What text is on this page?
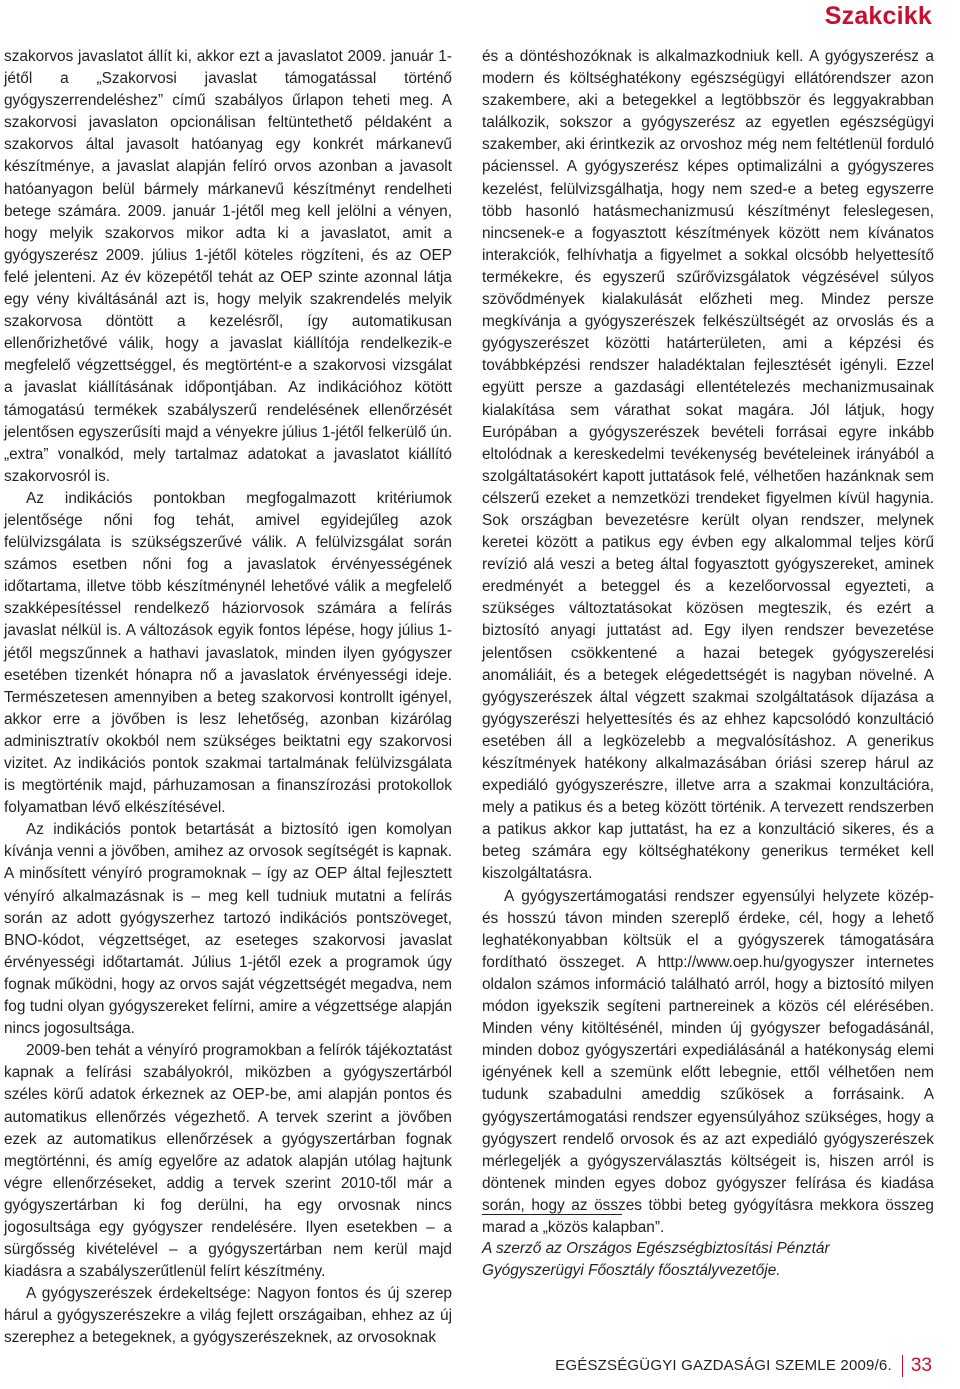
Szakcikk

szakorvos javaslatot állít ki, akkor ezt a javaslatot 2009. január 1-jétől a „Szakorvosi javaslat támogatással történő gyógyszerrendeléshez” című szabályos űrlapon teheti meg. A szakorvosi javaslaton opcionálisan feltüntethető példaként a szakorvos által javasolt hatóanyag egy konkrét márkanevű készítménye, a javaslat alapján felíró orvos azonban a javasolt hatóanyagon belül bármely márkanevű készítményt rendelheti betege számára. 2009. január 1-jétől meg kell jelölni a vényen, hogy melyik szakorvos mikor adta ki a javaslatot, amit a gyógyszerész 2009. július 1-jétől köteles rögzíteni, és az OEP felé jelenteni. Az év közepétől tehát az OEP szinte azonnal látja egy vény kiváltásánál azt is, hogy melyik szakrendelés melyik szakorvosa döntött a kezelésről, így automatikusan ellenőrizhetővé válik, hogy a javaslat kiállítója rendelkezik-e megfelelő végzettséggel, és megtörtént-e a szakorvosi vizsgálat a javaslat kiállításának időpontjában. Az indikációhoz kötött támogatású termékek szabályszerű rendelésének ellenőrzését jelentősen egyszerűsíti majd a vényekre július 1-jétől felkerülő ún. „extra” vonalkód, mely tartalmaz adatokat a javaslatot kiállító szakorvosról is.

Az indikációs pontokban megfogalmazott kritériumok jelentősége nőni fog tehát, amivel egyidejűleg azok felülvizsgálata is szükségszerűvé válik. A felülvizsgálat során számos esetben nőni fog a javaslatok érvényességének időtartama, illetve több készítménynél lehetővé válik a megfelelő szakképesítéssel rendelkező háziorvosok számára a felírás javaslat nélkül is. A változások egyik fontos lépése, hogy július 1-jétől megszűnnek a hathavi javaslatok, minden ilyen gyógyszer esetében tizenkét hónapra nő a javaslatok érvényességi ideje. Természetesen amennyiben a beteg szakorvosi kontrollt igényel, akkor erre a jövőben is lesz lehetőség, azonban kizárólag adminisztratív okokból nem szükséges beiktatni egy szakorvosi vizitet. Az indikációs pontok szakmai tartalmának felülvizsgálata is megtörténik majd, párhuzamosan a finanszírozási protokollok folyamatban lévő elkészítésével.

Az indikációs pontok betartását a biztosító igen komolyan kívánja venni a jövőben, amihez az orvosok segítségét is kapnak. A minősített vényíró programoknak – így az OEP által fejlesztett vényíró alkalmazásnak is – meg kell tudniuk mutatni a felírás során az adott gyógyszerhez tartozó indikációs pontszöveget, BNO-kódot, végzettséget, az eseteges szakorvosi javaslat érvényességi időtartamát. Július 1-jétől ezek a programok úgy fognak működni, hogy az orvos saját végzettségét megadva, nem fog tudni olyan gyógyszereket felírni, amire a végzettsége alapján nincs jogosultsága.

2009-ben tehát a vényíró programokban a felírók tájékoztatást kapnak a felírási szabályokról, miközben a gyógyszertárból széles körű adatok érkeznek az OEP-be, ami alapján pontos és automatikus ellenőrzés végezhető. A tervek szerint a jövőben ezek az automatikus ellenőrzések a gyógyszertárban fognak megtörténni, és amíg egyelőre az adatok alapján utólag hajtunk végre ellenőrzéseket, addig a tervek szerint 2010-től már a gyógyszertárban ki fog derülni, ha egy orvosnak nincs jogosultsága egy gyógyszer rendelésére. Ilyen esetekben – a sürgősség kivételével – a gyógyszertárban nem kerül majd kiadásra a szabályszerűtlenül felírt készítmény.

A gyógyszerészek érdekeltsége: Nagyon fontos és új szerep hárul a gyógyszerészekre a világ fejlett országaiban, ehhez az új szerephez a betegeknek, a gyógyszerészeknek, az orvosoknak

és a döntéshozóknak is alkalmazkodniuk kell. A gyógyszerész a modern és költséghatékony egészségügyi ellátórendszer azon szakembere, aki a betegekkel a legtöbbször és leggyakrabban találkozik, sokszor a gyógyszerész az egyetlen egészségügyi szakember, aki érintkezik az orvoshoz még nem feltétlenül forduló pácienssel. A gyógyszerész képes optimalizálni a gyógyszeres kezelést, felülvizsgálhatja, hogy nem szed-e a beteg egyszerre több hasonló hatásmechanizmusú készítményt feleslegesen, nincsenek-e a fogyasztott készítmények között nem kívánatos interakciók, felhívhatja a figyelmet a sokkal olcsóbb helyettesítő termékekre, és egyszerű szűrővizsgálatok végzésével súlyos szövődmények kialakulását előzheti meg. Mindez persze megkívánja a gyógyszerészek felkészültségét az orvoslás és a gyógyszerészet közötti határterületen, ami a képzési és továbbképzési rendszer haladéktalan fejlesztését igényli. Ezzel együtt persze a gazdasági ellentételezés mechanizmusainak kialakítása sem várathat sokat magára. Jól látjuk, hogy Európában a gyógyszerészek bevételi forrásai egyre inkább eltolódnak a kereskedelmi tevékenység bevételeinek irányából a szolgáltatásokért kapott juttatások felé, vélhetően hazánknak sem célszerű ezeket a nemzetközi trendeket figyelmen kívül hagynia. Sok országban bevezetésre került olyan rendszer, melynek keretei között a patikus egy évben egy alkalommal teljes körű revízió alá veszi a beteg által fogyasztott gyógyszereket, aminek eredményét a beteggel és a kezelőorvossal egyezteti, a szükséges változtatásokat közösen megteszik, és ezért a biztosító anyagi juttatást ad. Egy ilyen rendszer bevezetése jelentősen csökkentené a hazai betegek gyógyszerelési anomáliáit, és a betegek elégedettségét is nagyban növelné. A gyógyszerészek által végzett szakmai szolgáltatások díjazása a gyógyszerészi helyettesítés és az ehhez kapcsolódó konzultáció esetében áll a legközelebb a megvalósításhoz. A generikus készítmények hatékony alkalmazásában óriási szerep hárul az expediáló gyógyszerészre, illetve arra a szakmai konzultációra, mely a patikus és a beteg között történik. A tervezett rendszerben a patikus akkor kap juttatást, ha ez a konzultáció sikeres, és a beteg számára egy költséghatékony generikus terméket kell kiszolgáltatásra.

A gyógyszertámogatási rendszer egyensúlyi helyzete közép- és hosszú távon minden szereplő érdeke, cél, hogy a lehető leghatékonyabban költsük el a gyógyszerek támogatására fordítható összeget. A http://www.oep.hu/gyogyszer internetes oldalon számos információ található arról, hogy a biztosító milyen módon igyekszik segíteni partnereinek a közös cél elérésében. Minden vény kitöltésénél, minden új gyógyszer befogadásánál, minden doboz gyógyszertári expediálásánál a hatékonyság elemi igényének kell a szemünk előtt lebegnie, ettől vélhetően nem tudunk szabadulni ameddig szűkösek a forrásaink. A gyógyszertámogatási rendszer egyensúlyához szükséges, hogy a gyógyszert rendelő orvosok és az azt expediáló gyógyszerészek mérlegeljék a gyógyszerválasztás költségeit is, hiszen arról is döntenek minden egyes doboz gyógyszer felírása és kiadása során, hogy az összes többi beteg gyógyításra mekkora összeg marad a „közös kalapban”.

A szerző az Országos Egészségbiztosítási Pénztár Gyógyszerügyi Főosztály főosztályvezetője.
EGÉSZSÉGÜGYI GAZDASÁGI SZEMLE 2009/6.	33
